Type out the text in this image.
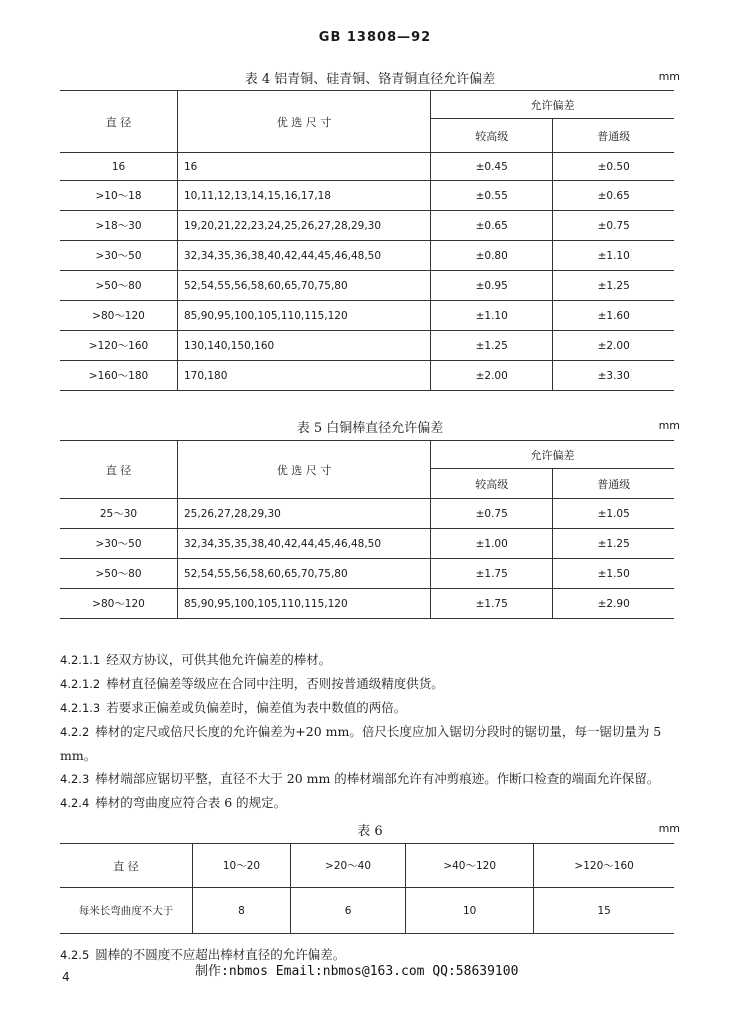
GB 13808—92
表 4 铝青铜、硅青铜、铬青铜直径允许偏差	mm
直 径	优 选 尺 寸	允许偏差	
		较高级	普通级
16	16	±0.45	±0.50
>10～18	10,11,12,13,14,15,16,17,18	±0.55	±0.65
>18～30	19,20,21,22,23,24,25,26,27,28,29,30	±0.65	±0.75
>30～50	32,34,35,36,38,40,42,44,45,46,48,50	±0.80	±1.10
>50～80	52,54,55,56,58,60,65,70,75,80	±0.95	±1.25
>80～120	85,90,95,100,105,110,115,120	±1.10	±1.60
>120～160	130,140,150,160	±1.25	±2.00
>160～180	170,180	±2.00	±3.30
表 5 白铜棒直径允许偏差	mm
直 径	优 选 尺 寸	允许偏差	
		较高级	普通级
25～30	25,26,27,28,29,30	±0.75	±1.05
>30～50	32,34,35,35,38,40,42,44,45,46,48,50	±1.00	±1.25
>50～80	52,54,55,56,58,60,65,70,75,80	±1.75	±1.50
>80～120	85,90,95,100,105,110,115,120	±1.75	±2.90
4.2.1.1 经双方协议，可供其他允许偏差的棒材。
4.2.1.2 棒材直径偏差等级应在合同中注明，否则按普通级精度供货。
4.2.1.3 若要求正偏差或负偏差时，偏差值为表中数值的两倍。
4.2.2 棒材的定尺或倍尺长度的允许偏差为+20 mm。倍尺长度应加入锯切分段时的锯切量，每一锯切量为 5 mm。
4.2.3 棒材端部应锯切平整，直径不大于 20 mm 的棒材端部允许有冲剪痕迹。作断口检查的端面允许保留。
4.2.4 棒材的弯曲度应符合表 6 的规定。
表 6	mm
直 径	10～20	>20～40	>40～120	>120～160
每米长弯曲度不大于	8	6	10	15
4.2.5 圆棒的不圆度不应超出棒材直径的允许偏差。
制作:nbmos Email:nbmos@163.com QQ:58639100
4
